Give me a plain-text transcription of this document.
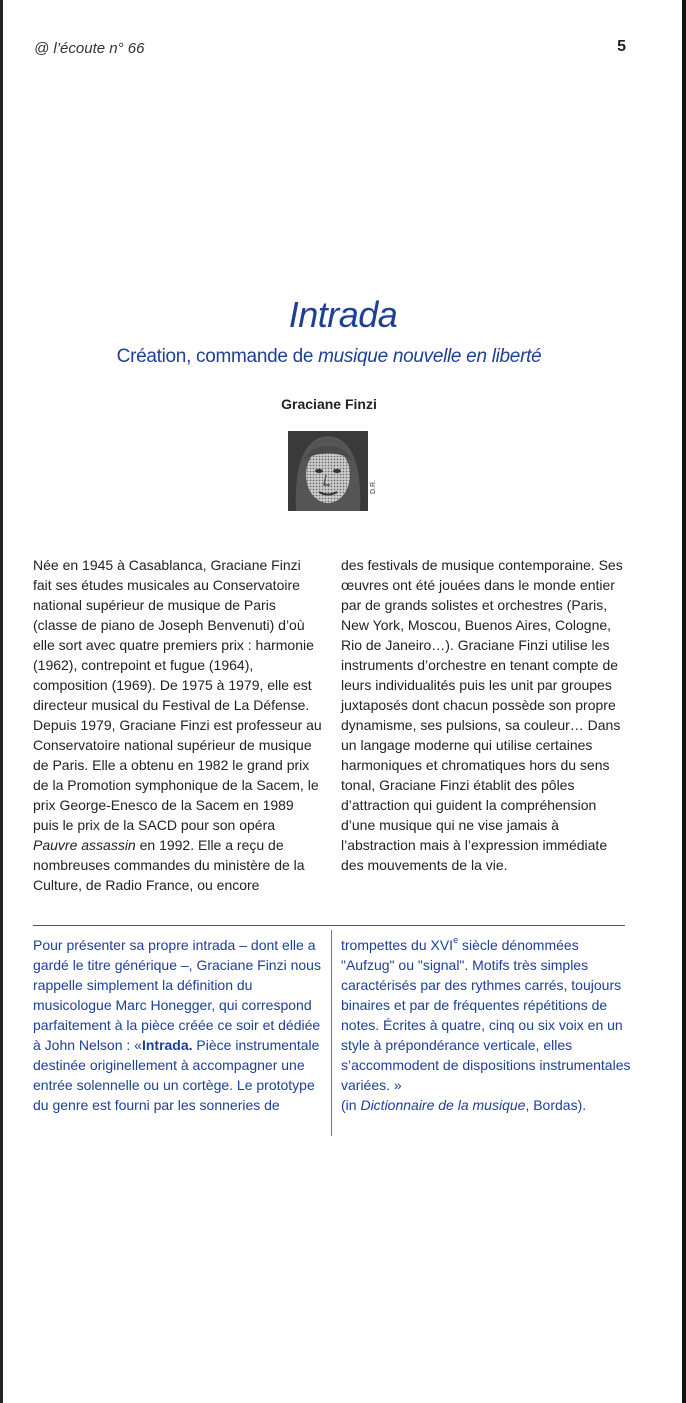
@ l’écoute n° 66	5
Intrada
Création, commande de musique nouvelle en liberté
Graciane Finzi
D.R.

Née en 1945 à Casablanca, Graciane Finzi fait ses études musicales au Conservatoire national supérieur de musique de Paris (classe de piano de Joseph Benvenuti) d’où elle sort avec quatre premiers prix : harmonie (1962), contrepoint et fugue (1964), composition (1969). De 1975 à 1979, elle est directeur musical du Festival de La Défense. Depuis 1979, Graciane Finzi est professeur au Conservatoire national supérieur de musique de Paris. Elle a obtenu en 1982 le grand prix de la Promotion symphonique de la Sacem, le prix George-Enesco de la Sacem en 1989 puis le prix de la SACD pour son opéra Pauvre assassin en 1992. Elle a reçu de nombreuses commandes du ministère de la Culture, de Radio France, ou encore

des festivals de musique contemporaine. Ses œuvres ont été jouées dans le monde entier par de grands solistes et orchestres (Paris, New York, Moscou, Buenos Aires, Cologne, Rio de Janeiro…). Graciane Finzi utilise les instruments d’orchestre en tenant compte de leurs individualités puis les unit par groupes juxtaposés dont chacun possède son propre dynamisme, ses pulsions, sa couleur… Dans un langage moderne qui utilise certaines harmoniques et chromatiques hors du sens tonal, Graciane Finzi établit des pôles d’attraction qui guident la compréhension d’une musique qui ne vise jamais à l’abstraction mais à l’expression immédiate des mouvements de la vie.

Pour présenter sa propre intrada – dont elle a gardé le titre générique –, Graciane Finzi nous rappelle simplement la définition du musicologue Marc Honegger, qui correspond parfaitement à la pièce créée ce soir et dédiée à John Nelson : «Intrada. Pièce instrumentale destinée originellement à accompagner une entrée solennelle ou un cortège. Le prototype du genre est fourni par les sonneries de

trompettes du XVIe siècle dénommées "Aufzug" ou "signal". Motifs très simples caractérisés par des rythmes carrés, toujours binaires et par de fréquentes répétitions de notes. Écrites à quatre, cinq ou six voix en un style à prépondérance verticale, elles s’accommodent de dispositions instrumentales variées. »
(in Dictionnaire de la musique, Bordas).
